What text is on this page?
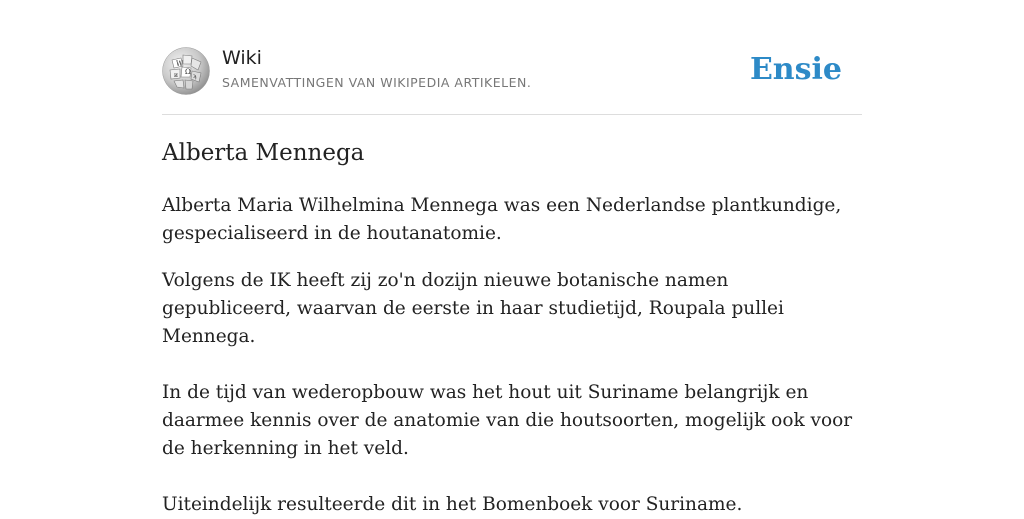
W
Ω
и	ϡ
Wiki
SAMENVATTINGEN VAN WIKIPEDIA ARTIKELEN.	Ensie
Alberta Mennega

Alberta Maria Wilhelmina Mennega was een Nederlandse plantkundige, gespecialiseerd in de houtanatomie.

Volgens de IK heeft zij zo'n dozijn nieuwe botanische namen gepubliceerd, waarvan de eerste in haar studietijd, Roupala pullei Mennega.

In de tijd van wederopbouw was het hout uit Suriname belangrijk en daarmee kennis over de anatomie van die houtsoorten, mogelijk ook voor de herkenning in het veld.

Uiteindelijk resulteerde dit in het Bomenboek voor Suriname.
